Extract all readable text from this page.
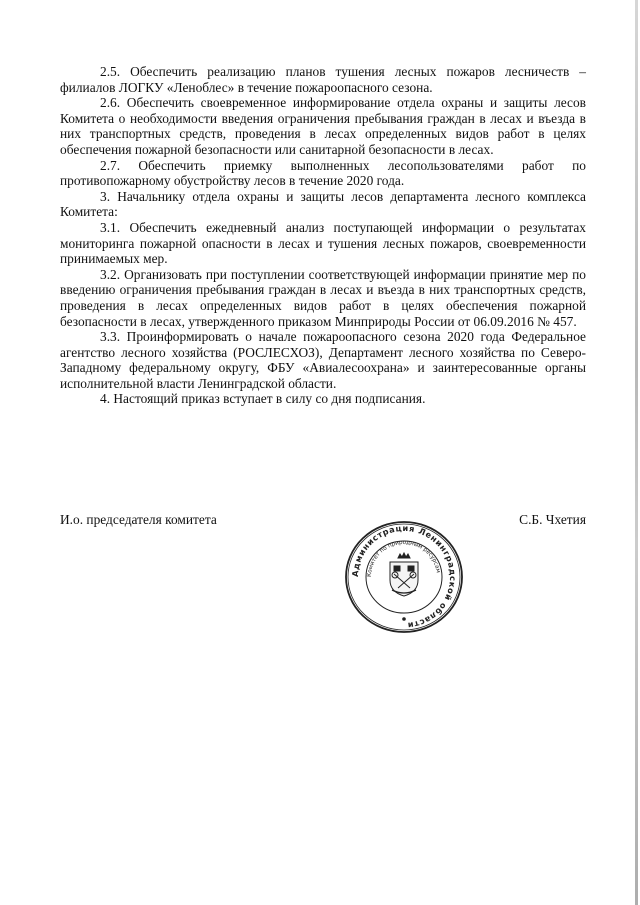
2.5. Обеспечить реализацию планов тушения лесных пожаров лесничеств – филиалов ЛОГКУ «Леноблес» в течение пожароопасного сезона.

2.6. Обеспечить своевременное информирование отдела охраны и защиты лесов Комитета о необходимости введения ограничения пребывания граждан в лесах и въезда в них транспортных средств, проведения в лесах определенных видов работ в целях обеспечения пожарной безопасности или санитарной безопасности в лесах.

2.7. Обеспечить приемку выполненных лесопользователями работ по противопожарному обустройству лесов в течение 2020 года.

3. Начальнику отдела охраны и защиты лесов департамента лесного комплекса Комитета:

3.1. Обеспечить ежедневный анализ поступающей информации о результатах мониторинга пожарной опасности в лесах и тушения лесных пожаров, своевременности принимаемых мер.

3.2. Организовать при поступлении соответствующей информации принятие мер по введению ограничения пребывания граждан в лесах и въезда в них транспортных средств, проведения в лесах определенных видов работ в целях обеспечения пожарной безопасности в лесах, утвержденного приказом Минприроды России от 06.09.2016 № 457.

3.3. Проинформировать о начале пожароопасного сезона 2020 года Федеральное агентство лесного хозяйства (РОСЛЕСХОЗ), Департамент лесного хозяйства по Северо-Западному федеральному округу, ФБУ «Авиалесоохрана» и заинтересованные органы исполнительной власти Ленинградской области.

4. Настоящий приказ вступает в силу со дня подписания.

И.о. председателя комитета	С.Б. Чхетия
Администрация Ленинградской области
Комитет по природным ресурсам
